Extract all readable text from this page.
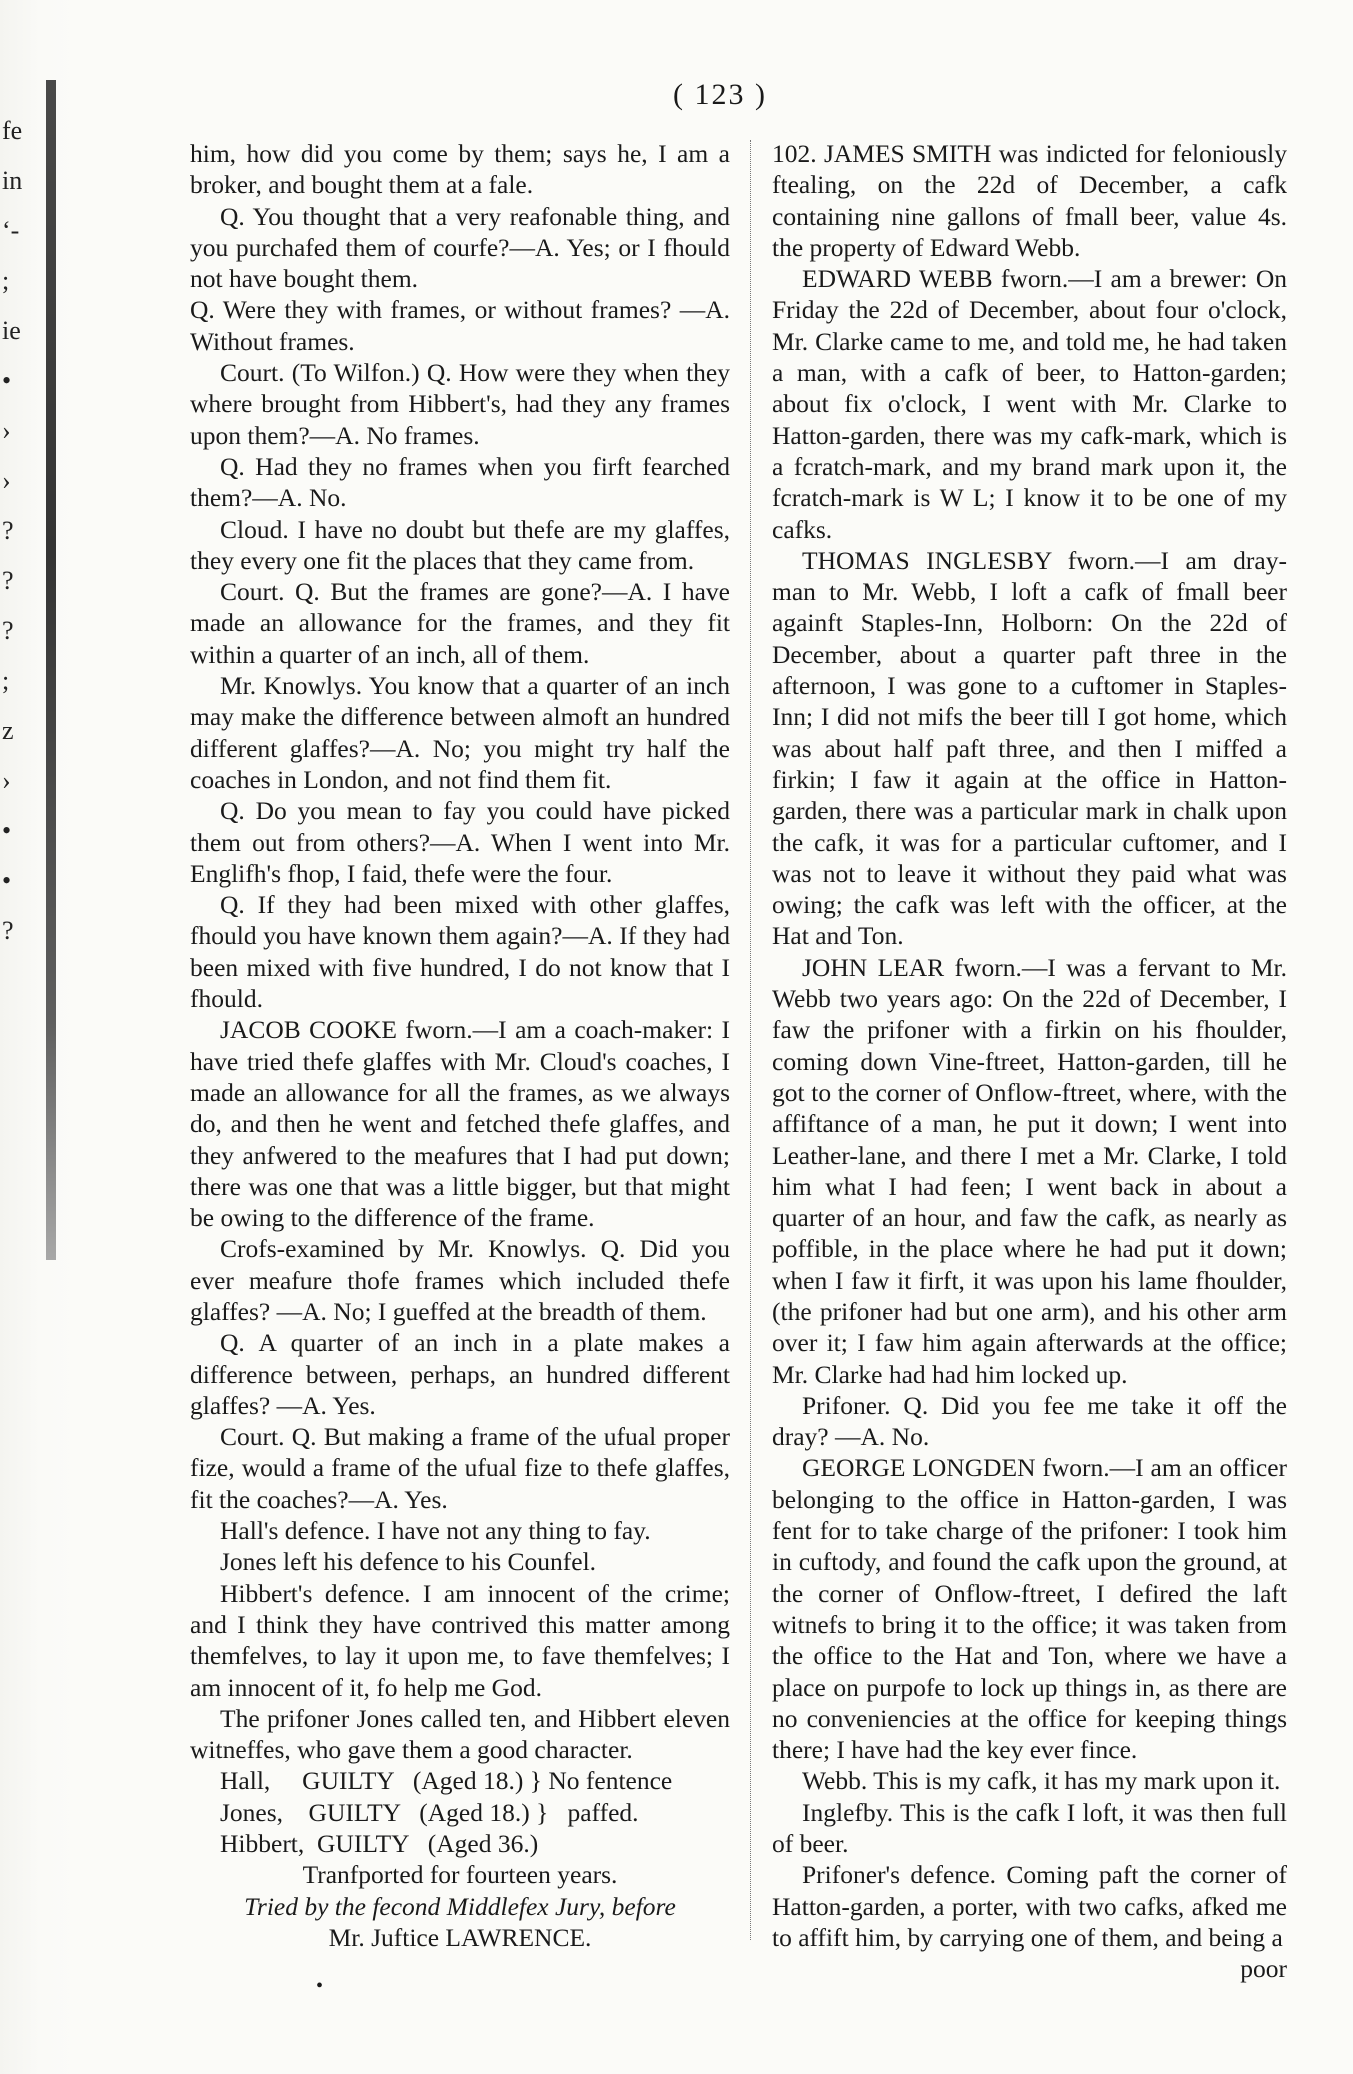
fe
in
‘-
;
ie
•
›
›
?
?
?
;
z
›
•
•
?
( 123 )

him, how did you come by them; says he, I am a broker, and bought them at a fale.

Q. You thought that a very reafonable thing, and you purchafed them of courfe?—A. Yes; or I fhould not have bought them.

Q. Were they with frames, or without frames? —A. Without frames.

Court. (To Wilfon.) Q. How were they when they where brought from Hibbert's, had they any frames upon them?—A. No frames.

Q. Had they no frames when you firft fearched them?—A. No.

Cloud. I have no doubt but thefe are my glaffes, they every one fit the places that they came from.

Court. Q. But the frames are gone?—A. I have made an allowance for the frames, and they fit within a quarter of an inch, all of them.

Mr. Knowlys. You know that a quarter of an inch may make the difference between almoft an hundred different glaffes?—A. No; you might try half the coaches in London, and not find them fit.

Q. Do you mean to fay you could have picked them out from others?—A. When I went into Mr. Englifh's fhop, I faid, thefe were the four.

Q. If they had been mixed with other glaffes, fhould you have known them again?—A. If they had been mixed with five hundred, I do not know that I fhould.

JACOB COOKE fworn.—I am a coach-maker: I have tried thefe glaffes with Mr. Cloud's coaches, I made an allowance for all the frames, as we always do, and then he went and fetched thefe glaffes, and they anfwered to the meafures that I had put down; there was one that was a little bigger, but that might be owing to the difference of the frame.

Crofs-examined by Mr. Knowlys. Q. Did you ever meafure thofe frames which included thefe glaffes? —A. No; I gueffed at the breadth of them.

Q. A quarter of an inch in a plate makes a difference between, perhaps, an hundred different glaffes? —A. Yes.

Court. Q. But making a frame of the ufual proper fize, would a frame of the ufual fize to thefe glaffes, fit the coaches?—A. Yes.

Hall's defence. I have not any thing to fay.

Jones left his defence to his Counfel.

Hibbert's defence. I am innocent of the crime; and I think they have contrived this matter among themfelves, to lay it upon me, to fave themfelves; I am innocent of it, fo help me God.

The prifoner Jones called ten, and Hibbert eleven witneffes, who gave them a good character.

Hall,     GUILTY   (Aged 18.) } No fentence

Jones,    GUILTY   (Aged 18.) }   paffed.

Hibbert,  GUILTY   (Aged 36.)

Tranfported for fourteen years.

Tried by the fecond Middlefex Jury, before

Mr. Juftice LAWRENCE.

102. JAMES SMITH was indicted for feloniously ftealing, on the 22d of December, a cafk containing nine gallons of fmall beer, value 4s. the property of Edward Webb.

EDWARD WEBB fworn.—I am a brewer: On Friday the 22d of December, about four o'clock, Mr. Clarke came to me, and told me, he had taken a man, with a cafk of beer, to Hatton-garden; about fix o'clock, I went with Mr. Clarke to Hatton-garden, there was my cafk-mark, which is a fcratch-mark, and my brand mark upon it, the fcratch-mark is W L; I know it to be one of my cafks.

THOMAS INGLESBY fworn.—I am dray-man to Mr. Webb, I loft a cafk of fmall beer againft Staples-Inn, Holborn: On the 22d of December, about a quarter paft three in the afternoon, I was gone to a cuftomer in Staples-Inn; I did not mifs the beer till I got home, which was about half paft three, and then I miffed a firkin; I faw it again at the office in Hatton-garden, there was a particular mark in chalk upon the cafk, it was for a particular cuftomer, and I was not to leave it without they paid what was owing; the cafk was left with the officer, at the Hat and Ton.

JOHN LEAR fworn.—I was a fervant to Mr. Webb two years ago: On the 22d of December, I faw the prifoner with a firkin on his fhoulder, coming down Vine-ftreet, Hatton-garden, till he got to the corner of Onflow-ftreet, where, with the affiftance of a man, he put it down; I went into Leather-lane, and there I met a Mr. Clarke, I told him what I had feen; I went back in about a quarter of an hour, and faw the cafk, as nearly as poffible, in the place where he had put it down; when I faw it firft, it was upon his lame fhoulder, (the prifoner had but one arm), and his other arm over it; I faw him again afterwards at the office; Mr. Clarke had had him locked up.

Prifoner. Q. Did you fee me take it off the dray? —A. No.

GEORGE LONGDEN fworn.—I am an officer belonging to the office in Hatton-garden, I was fent for to take charge of the prifoner: I took him in cuftody, and found the cafk upon the ground, at the corner of Onflow-ftreet, I defired the laft witnefs to bring it to the office; it was taken from the office to the Hat and Ton, where we have a place on purpofe to lock up things in, as there are no conveniencies at the office for keeping things there; I have had the key ever fince.

Webb. This is my cafk, it has my mark upon it.

Inglefby. This is the cafk I loft, it was then full of beer.

Prifoner's defence. Coming paft the corner of Hatton-garden, a porter, with two cafks, afked me to affift him, by carrying one of them, and being a

poor

•
